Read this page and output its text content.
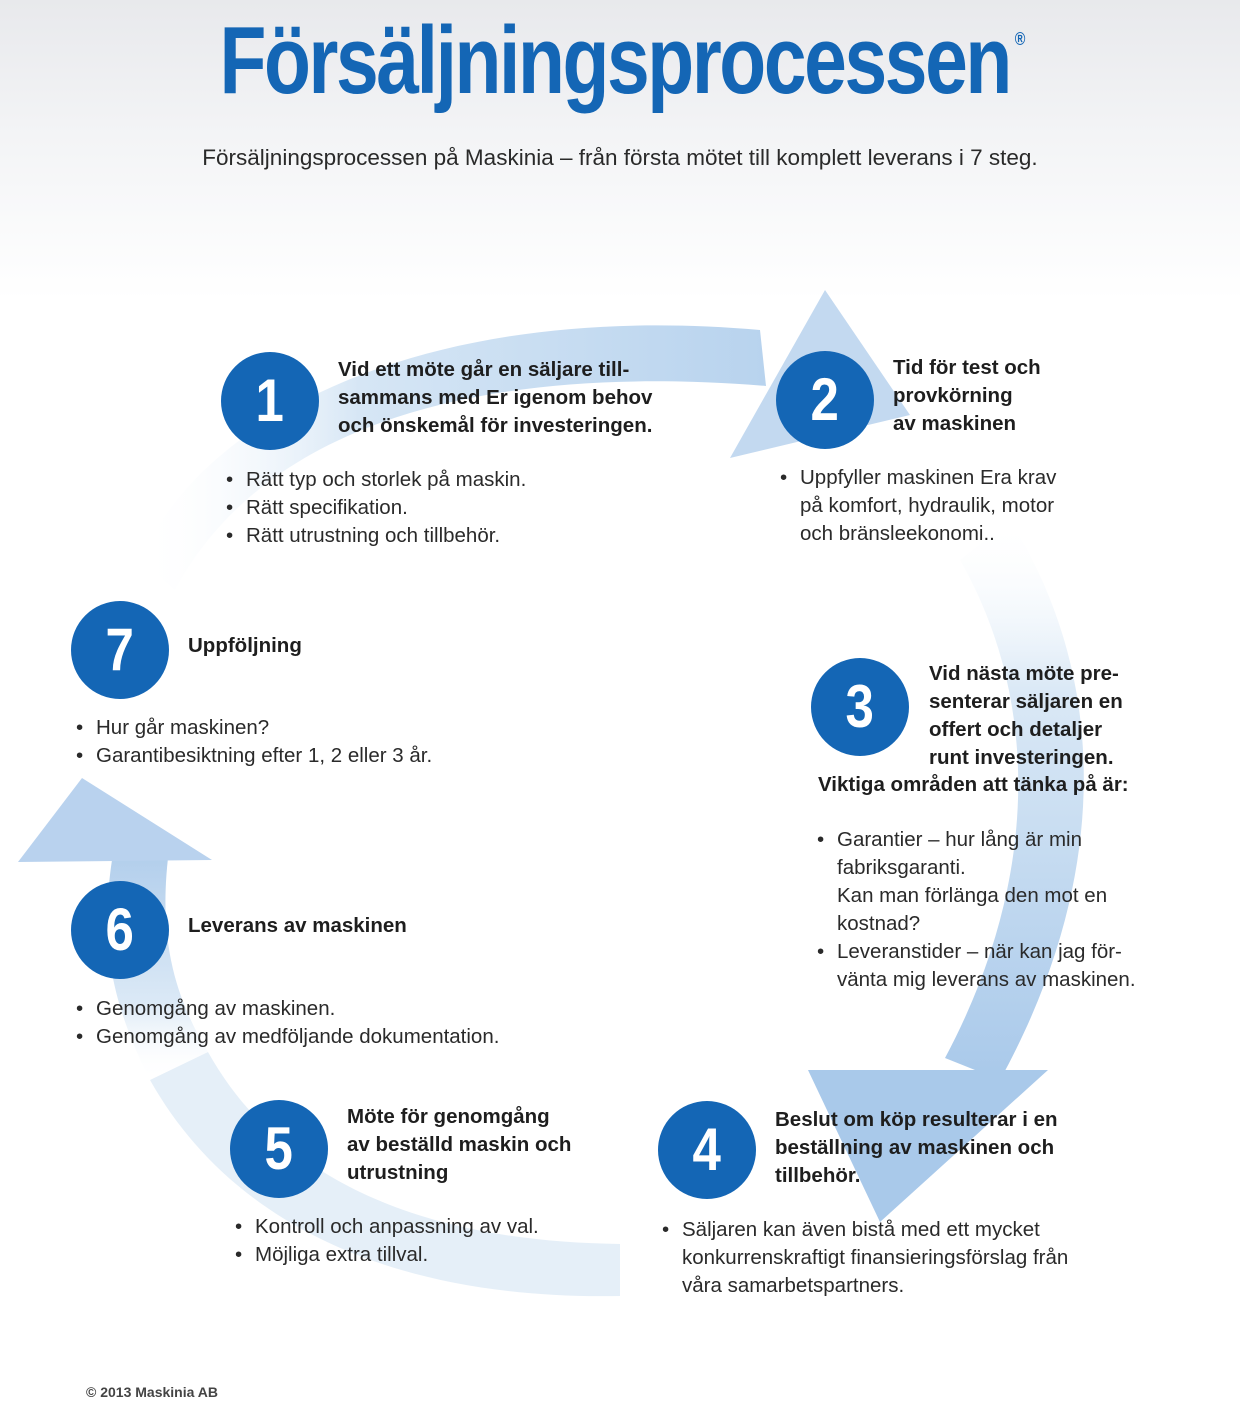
Försäljningsprocessen ®

Försäljningsprocessen på Maskinia – från första mötet till komplett leverans i 7 steg.

1	Vid ett möte går en säljare till-
sammans med Er igenom behov
och önskemål för investeringen.

• Rätt typ och storlek på maskin.
• Rätt specifikation.
• Rätt utrustning och tillbehör.
2	Tid för test och
provkörning
av maskinen

• Uppfyller maskinen Era krav
på komfort, hydraulik, motor
och bränsleekonomi..
3	Vid nästa möte pre-
senterar säljaren en
offert och detaljer
runt investeringen.

Viktiga områden att tänka på är:

• Garantier – hur lång är min
fabriksgaranti.
Kan man förlänga den mot en
kostnad?
• Leveranstider – när kan jag för-
vänta mig leverans av maskinen.
4	Beslut om köp resulterar i en
beställning av maskinen och
tillbehör.

• Säljaren kan även bistå med ett mycket
konkurrenskraftigt finansieringsförslag från
våra samarbetspartners.
5	Möte för genomgång
av beställd maskin och
utrustning

• Kontroll och anpassning av val.
• Möjliga extra tillval.
6	Leverans av maskinen

• Genomgång av maskinen.
• Genomgång av medföljande dokumentation.
7	Uppföljning

• Hur går maskinen?
• Garantibesiktning efter 1, 2 eller 3 år.

© 2013 Maskinia AB
